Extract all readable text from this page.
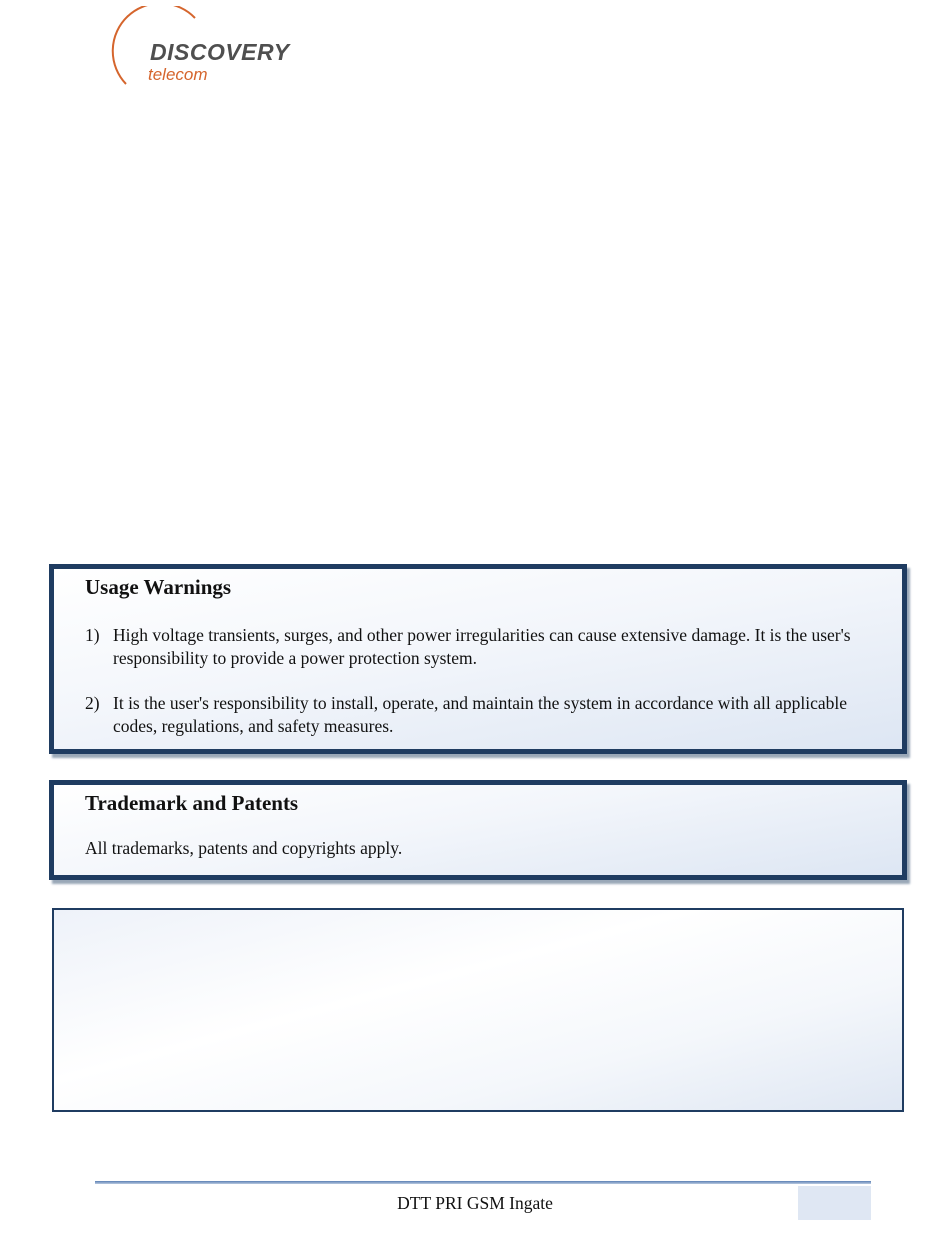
DISCOVERY
telecom
Usage Warnings
1) High voltage transients, surges, and other power irregularities can cause extensive damage. It is the user's responsibility to provide a power protection system.
2) It is the user's responsibility to install, operate, and maintain the system in accordance with all applicable codes, regulations, and safety measures.
Trademark and Patents
All trademarks, patents and copyrights apply.
DTT PRI GSM Ingate
